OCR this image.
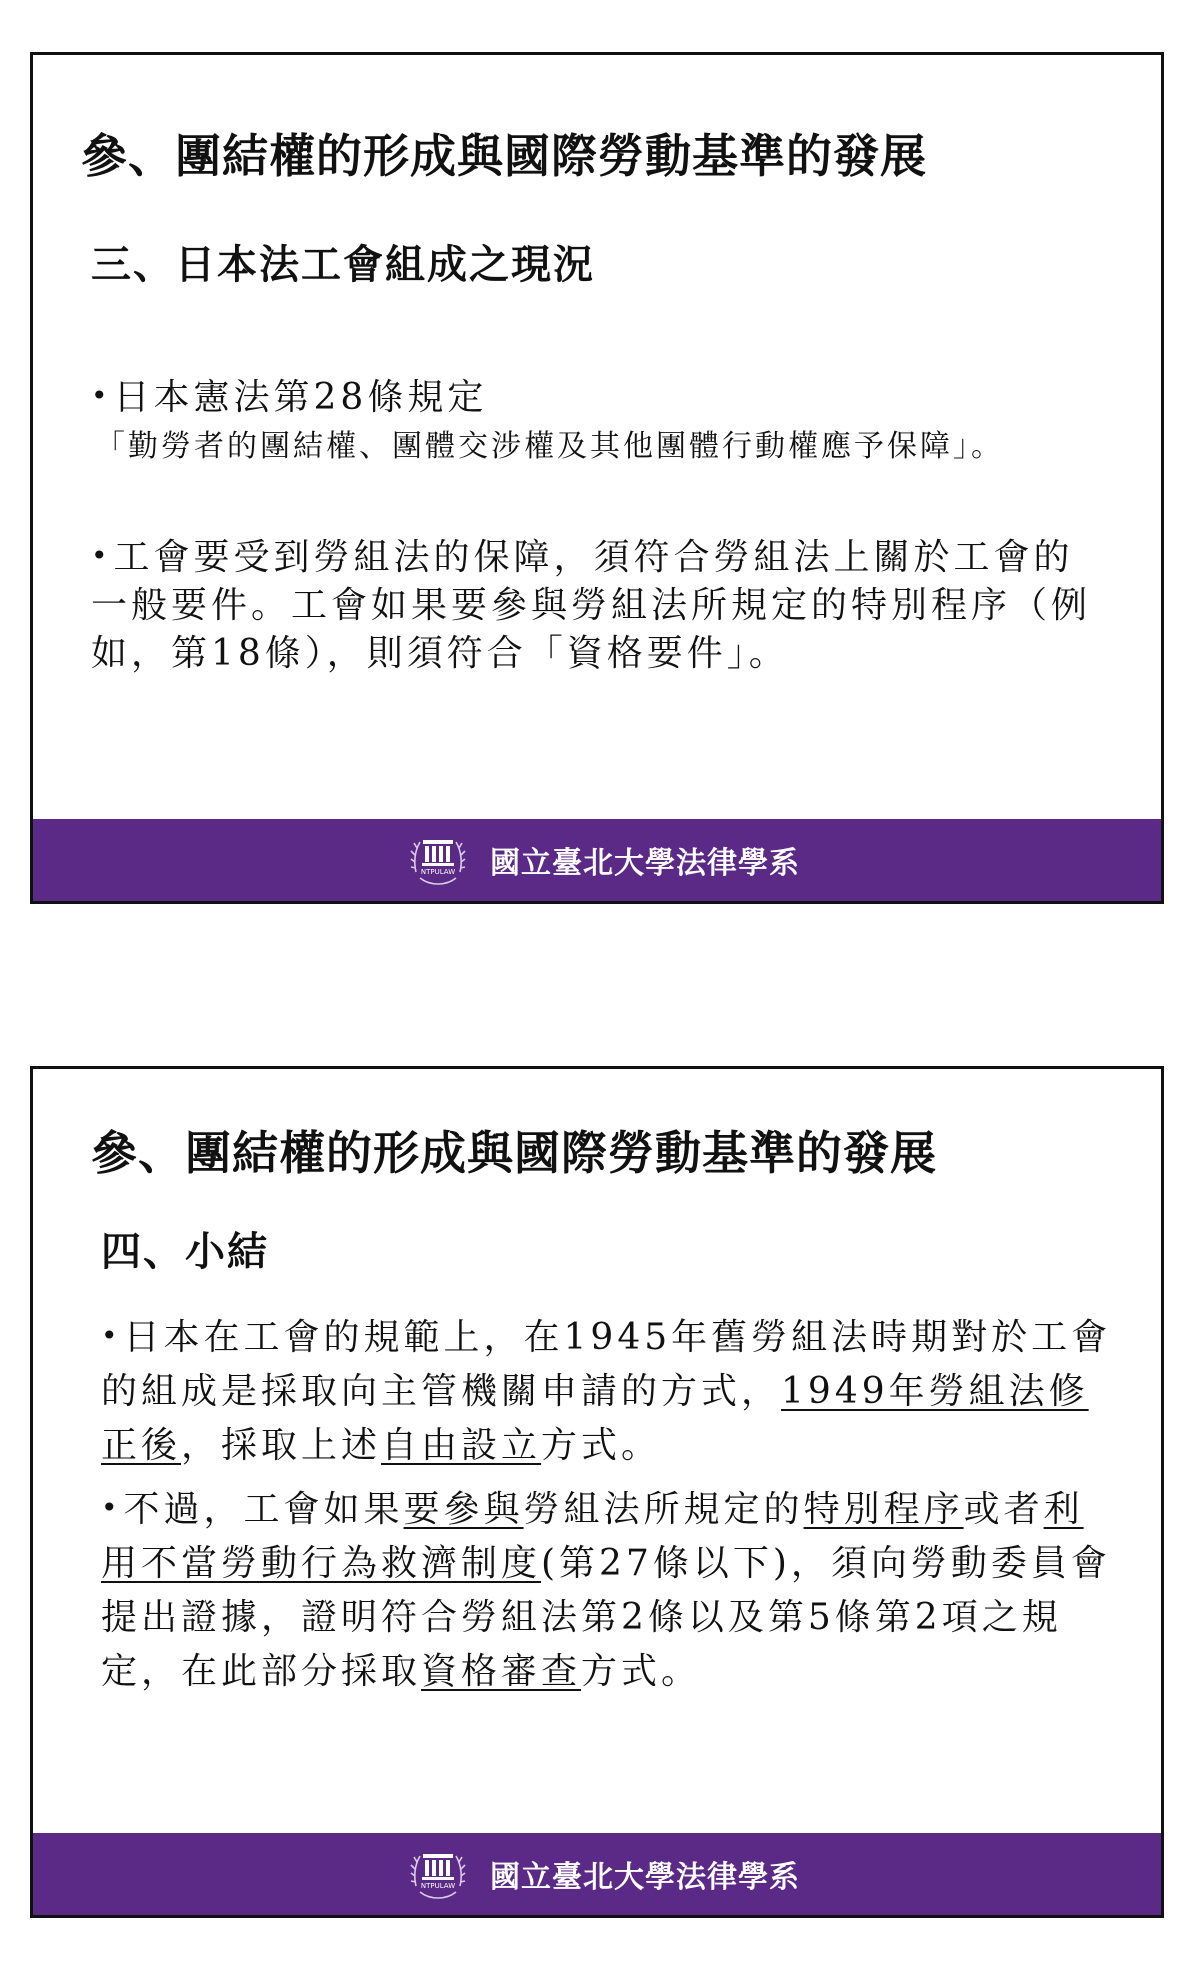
參、團結權的形成與國際勞動基準的發展
三、日本法工會組成之現況

•日本憲法第28條規定

「勤勞者的團結權、團體交涉權及其他團體行動權應予保障」。

•工會要受到勞組法的保障，須符合勞組法上關於工會的一般要件。工會如果要參與勞組法所規定的特別程序（例如，第18條），則須符合「資格要件」。

NTPULAW 國立臺北大學法律學系
參、團結權的形成與國際勞動基準的發展
四、小結

•日本在工會的規範上，在1945年舊勞組法時期對於工會的組成是採取向主管機關申請的方式，1949年勞組法修正後，採取上述自由設立方式。

•不過，工會如果要參與勞組法所規定的特別程序或者利用不當勞動行為救濟制度(第27條以下)，須向勞動委員會提出證據，證明符合勞組法第2條以及第5條第2項之規定，在此部分採取資格審查方式。

NTPULAW 國立臺北大學法律學系
